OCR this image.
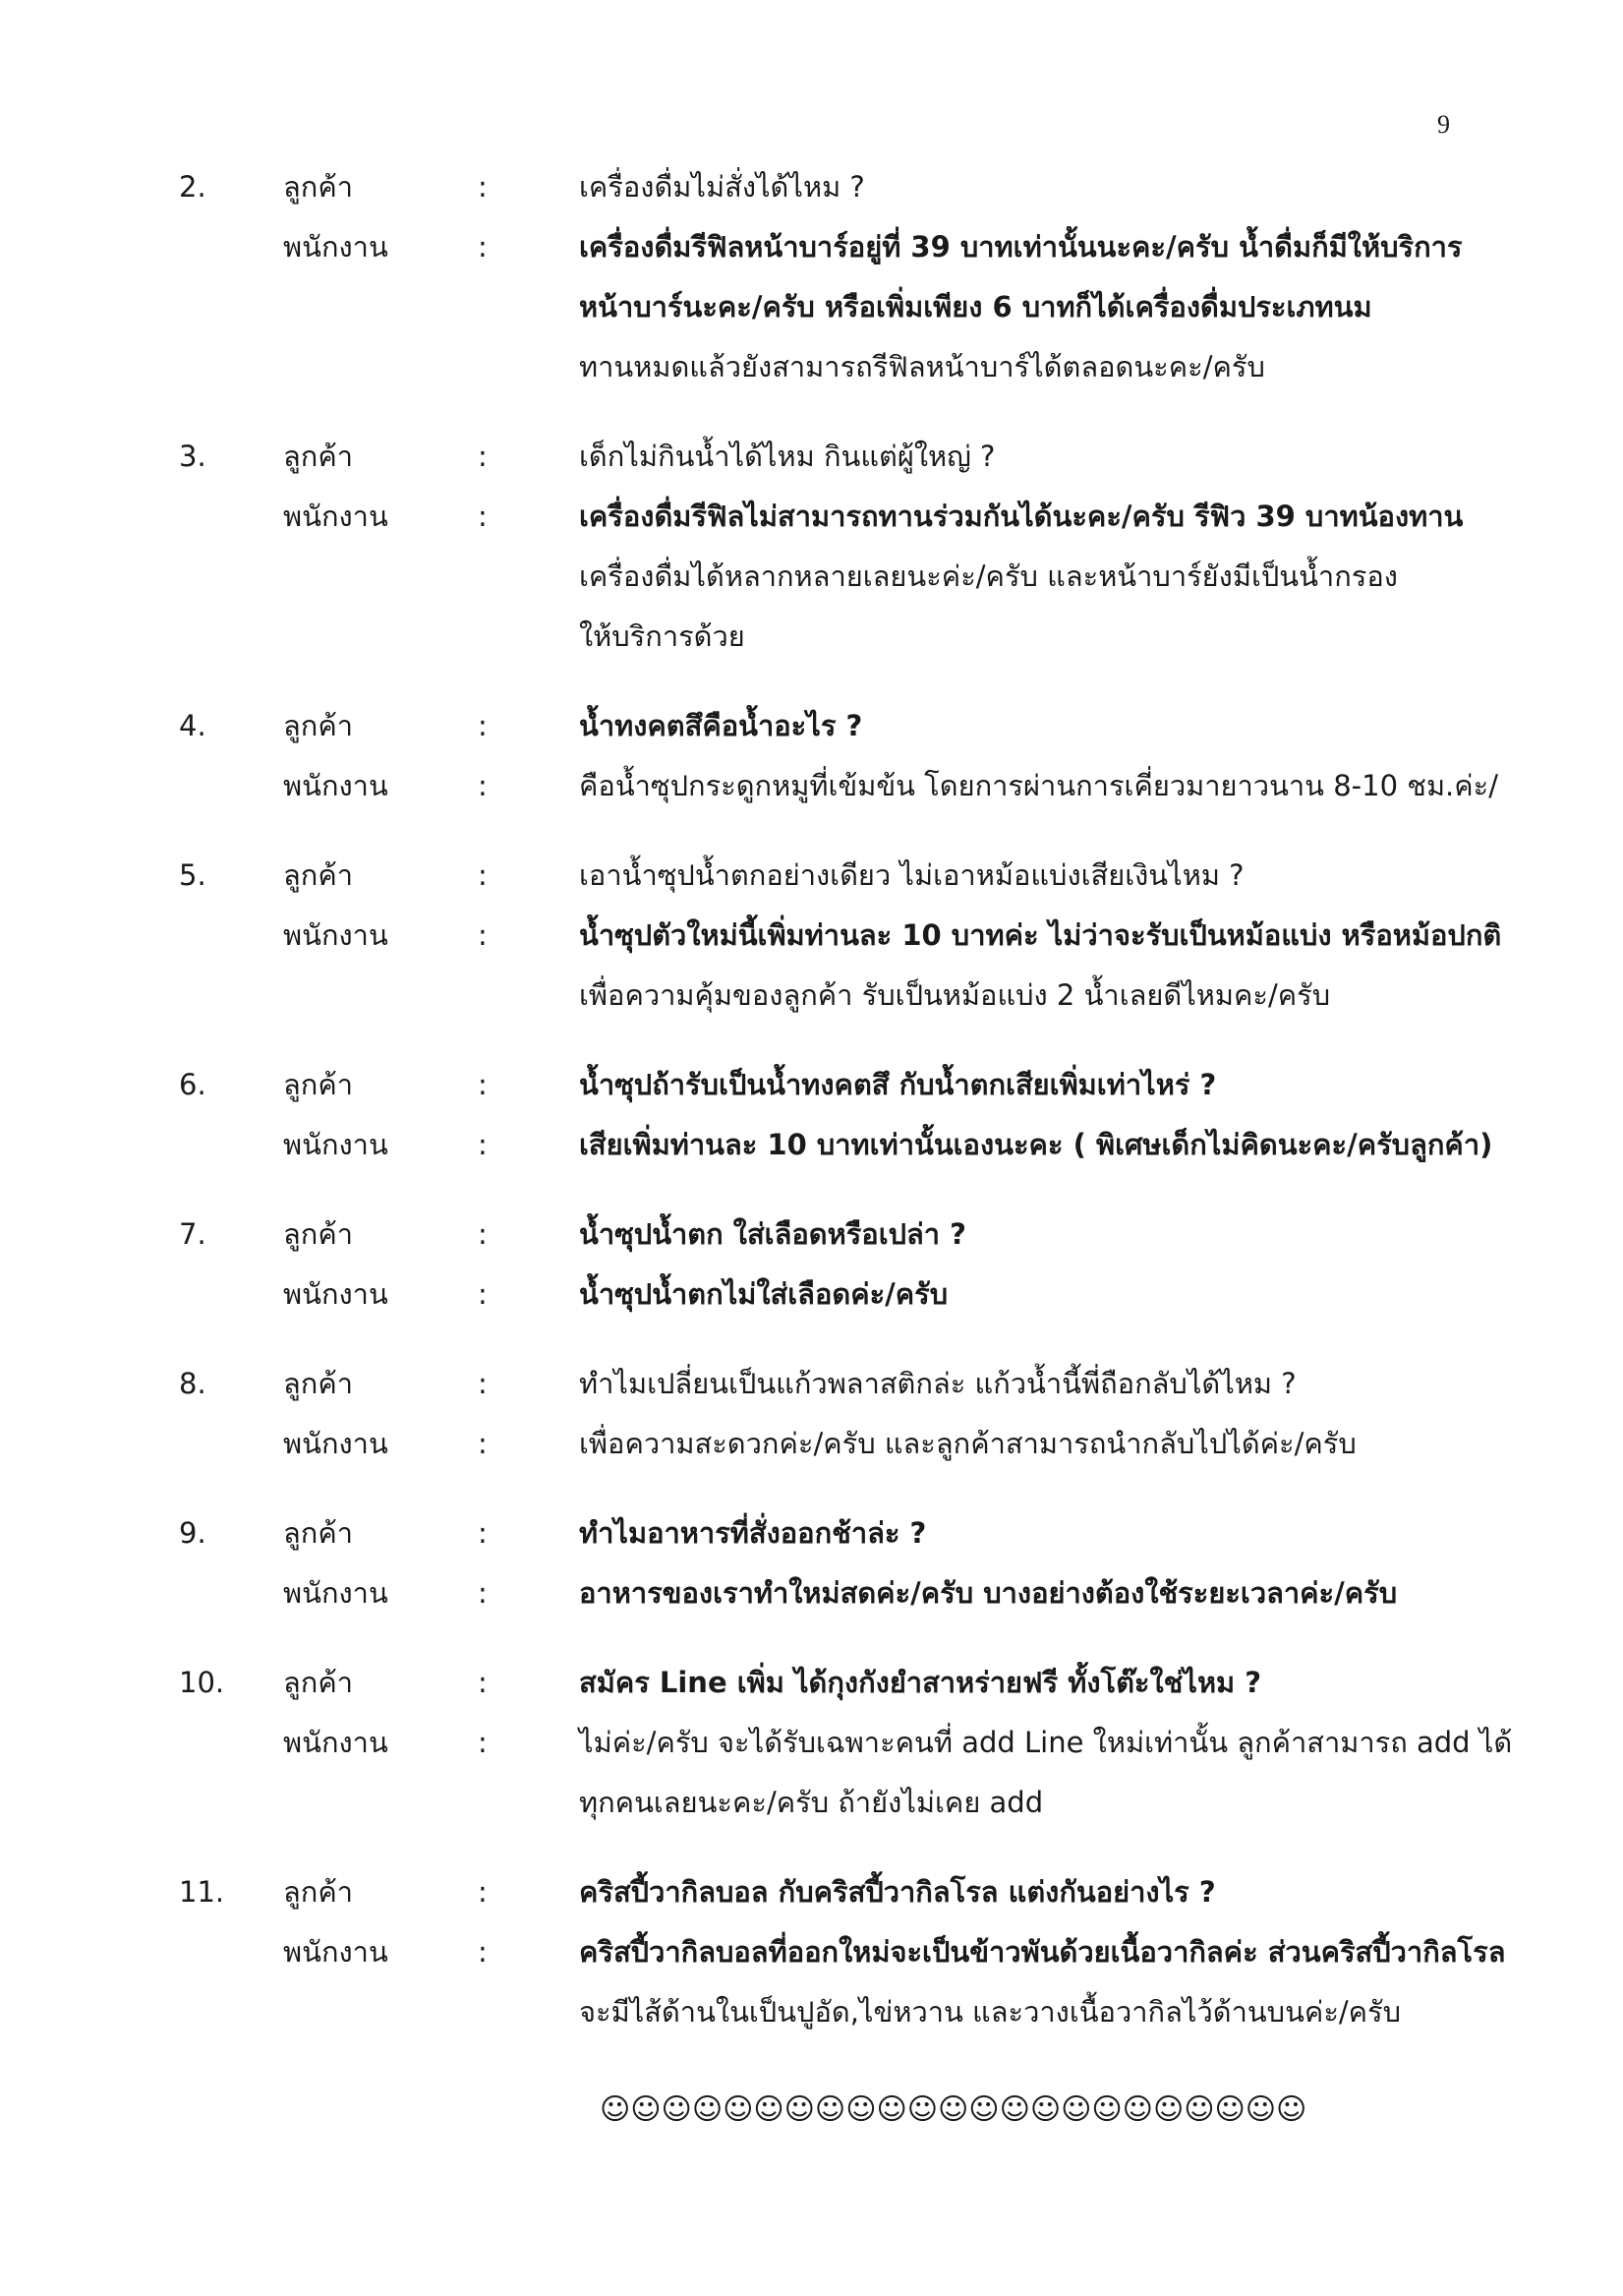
9
2.	ลูกค้า	:	เครื่องดื่มไม่สั่งได้ไหม ?
พนักงาน	:	เครื่องดื่มรีฟิลหน้าบาร์อยู่ที่ 39 บาทเท่านั้นนะคะ/ครับ น้ำดื่มก็มีให้บริการ
หน้าบาร์นะคะ/ครับ หรือเพิ่มเพียง 6 บาทก็ได้เครื่องดื่มประเภทนม
ทานหมดแล้วยังสามารถรีฟิลหน้าบาร์ได้ตลอดนะคะ/ครับ
3.	ลูกค้า	:	เด็กไม่กินน้ำได้ไหม กินแต่ผู้ใหญ่ ?
พนักงาน	:	เครื่องดื่มรีฟิลไม่สามารถทานร่วมกันได้นะคะ/ครับ รีฟิว 39 บาทน้องทาน
เครื่องดื่มได้หลากหลายเลยนะค่ะ/ครับ และหน้าบาร์ยังมีเป็นน้ำกรอง
ให้บริการด้วย
4.	ลูกค้า	:	น้ำทงคตสึคือน้ำอะไร ?
พนักงาน	:	คือน้ำซุปกระดูกหมูที่เข้มข้น โดยการผ่านการเคี่ยวมายาวนาน 8-10 ชม.ค่ะ/
5.	ลูกค้า	:	เอาน้ำซุปน้ำตกอย่างเดียว ไม่เอาหม้อแบ่งเสียเงินไหม ?
พนักงาน	:	น้ำซุปตัวใหม่นี้เพิ่มท่านละ 10 บาทค่ะ ไม่ว่าจะรับเป็นหม้อแบ่ง หรือหม้อปกติ
เพื่อความคุ้มของลูกค้า รับเป็นหม้อแบ่ง 2 น้ำเลยดีไหมคะ/ครับ
6.	ลูกค้า	:	น้ำซุปถ้ารับเป็นน้ำทงคตสึ กับน้ำตกเสียเพิ่มเท่าไหร่ ?
พนักงาน	:	เสียเพิ่มท่านละ 10 บาทเท่านั้นเองนะคะ ( พิเศษเด็กไม่คิดนะคะ/ครับลูกค้า)
7.	ลูกค้า	:	น้ำซุปน้ำตก ใส่เลือดหรือเปล่า ?
พนักงาน	:	น้ำซุปน้ำตกไม่ใส่เลือดค่ะ/ครับ
8.	ลูกค้า	:	ทำไมเปลี่ยนเป็นแก้วพลาสติกล่ะ แก้วน้ำนี้พี่ถือกลับได้ไหม ?
พนักงาน	:	เพื่อความสะดวกค่ะ/ครับ และลูกค้าสามารถนำกลับไปได้ค่ะ/ครับ
9.	ลูกค้า	:	ทำไมอาหารที่สั่งออกช้าล่ะ ?
พนักงาน	:	อาหารของเราทำใหม่สดค่ะ/ครับ บางอย่างต้องใช้ระยะเวลาค่ะ/ครับ
10.	ลูกค้า	:	สมัคร Line เพิ่ม ได้กุงกังยำสาหร่ายฟรี ทั้งโต๊ะใช่ไหม ?
พนักงาน	:	ไม่ค่ะ/ครับ จะได้รับเฉพาะคนที่ add Line ใหม่เท่านั้น ลูกค้าสามารถ add ได้
ทุกคนเลยนะคะ/ครับ ถ้ายังไม่เคย add
11.	ลูกค้า	:	คริสปี้วากิลบอล กับคริสปี้วากิลโรล แต่งกันอย่างไร ?
พนักงาน	:	คริสปี้วากิลบอลที่ออกใหม่จะเป็นข้าวพันด้วยเนื้อวากิลค่ะ ส่วนคริสปี้วากิลโรล
จะมีไส้ด้านในเป็นปูอัด,ไข่หวาน และวางเนื้อวากิลไว้ด้านบนค่ะ/ครับ
☺☺☺☺☺☺☺☺☺☺☺☺☺☺☺☺☺☺☺☺☺☺☺
